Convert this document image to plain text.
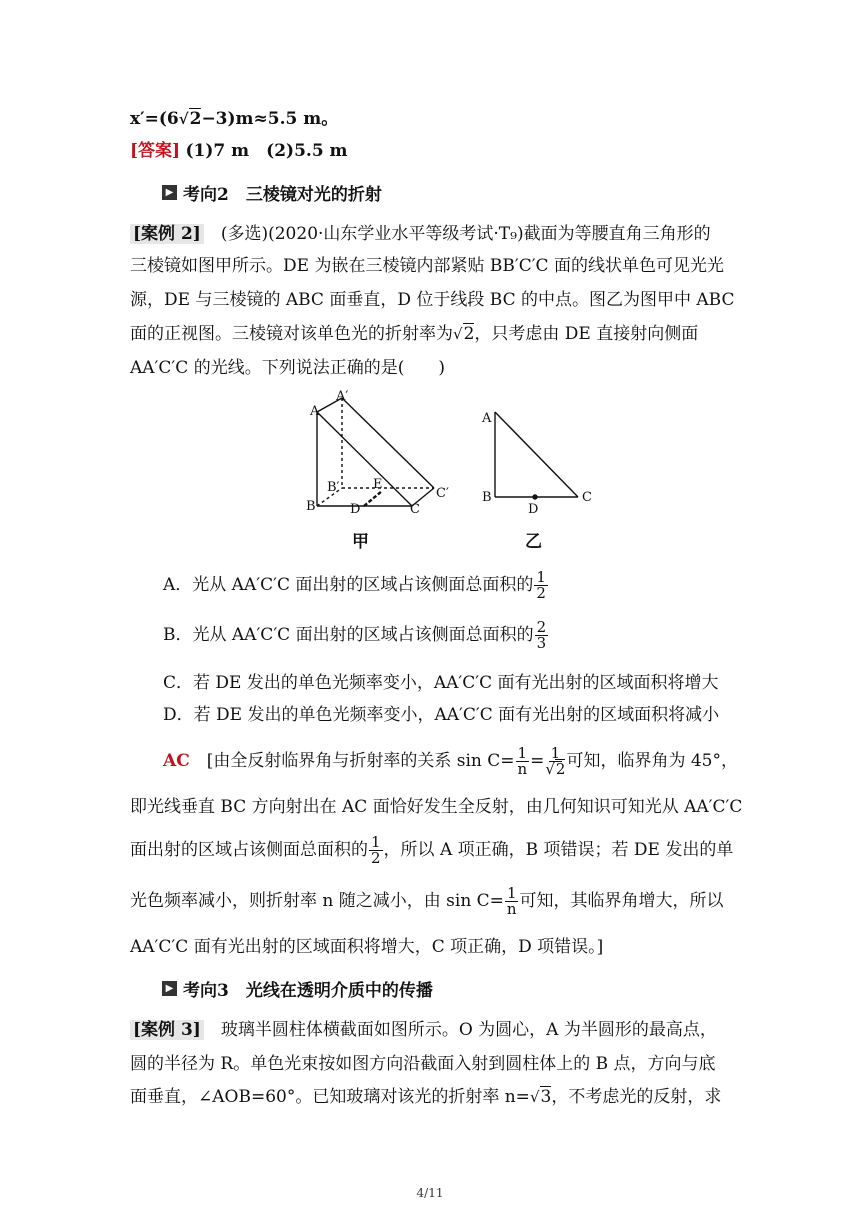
x′=(6√2−3)m≈5.5 m。
[答案] (1)7 m　(2)5.5 m
▶ 考向2　三棱镜对光的折射
[案例 2]　 (多选)(2020·山东学业水平等级考试·T₉)截面为等腰直角三角形的
三棱镜如图甲所示。DE 为嵌在三棱镜内部紧贴 BB′C′C 面的线状单色可见光光
源，DE 与三棱镜的 ABC 面垂直，D 位于线段 BC 的中点。图乙为图甲中 ABC
面的正视图。三棱镜对该单色光的折射率为√2，只考虑由 DE 直接射向侧面
AA′C′C 的光线。下列说法正确的是(　　)
A
A′
B′	E
C′
B	D	C
A
B
D
C
甲	乙
A．光从 AA′C′C 面出射的区域占该侧面总面积的 $\frac{1}{2}$
B．光从 AA′C′C 面出射的区域占该侧面总面积的 $\frac{2}{3}$
C．若 DE 发出的单色光频率变小，AA′C′C 面有光出射的区域面积将增大
D．若 DE 发出的单色光频率变小，AA′C′C 面有光出射的区域面积将减小
AC　 [由全反射临界角与折射率的关系 $\sin C= \frac{1}{n} = \frac{1}{√2}$ 可知，临界角为 45°，
即光线垂直 BC 方向射出在 AC 面恰好发生全反射，由几何知识可知光从 AA′C′C
面出射的区域占该侧面总面积的 $\frac{1}{2}$ ，所以 A 项正确，B 项错误；若 DE 发出的单
光色频率减小，则折射率 n 随之减小，由 $\sin C= \frac{1}{n}$ 可知，其临界角增大，所以
AA′C′C 面有光出射的区域面积将增大，C 项正确，D 项错误。]
▶ 考向3　光线在透明介质中的传播
[案例 3]　 玻璃半圆柱体横截面如图所示。O 为圆心，A 为半圆形的最高点，
圆的半径为 R。单色光束按如图方向沿截面入射到圆柱体上的 B 点，方向与底
面垂直，∠AOB=60°。已知玻璃对该光的折射率 n=√3，不考虑光的反射，求
4/11
